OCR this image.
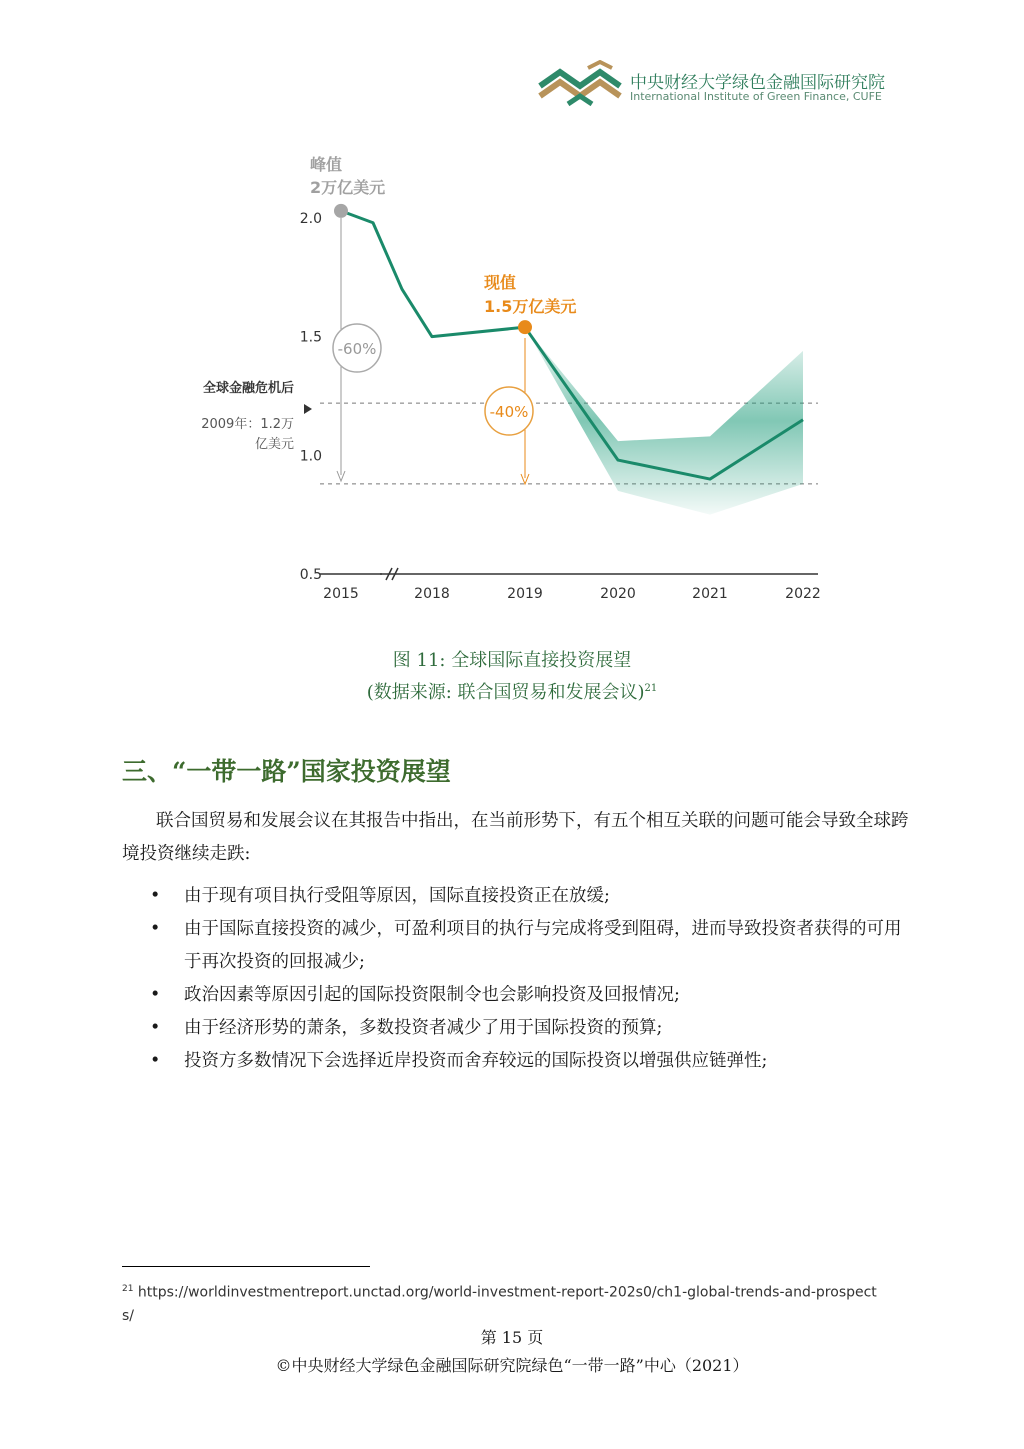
中央财经大学绿色金融国际研究院
International Institute of Green Finance, CUFE
2.0
1.5
1.0
0.5
2015	2018	2019	2020	2021	2022
峰值
2万亿美元
现值
1.5万亿美元
全球金融危机后
2009年：1.2万
亿美元
-60%
-40%
图 11: 全球国际直接投资展望
(数据来源: 联合国贸易和发展会议)$^{21}$
三、“一带一路”国家投资展望
联合国贸易和发展会议在其报告中指出，在当前形势下，有五个相互关联的问题可能会导致全球跨境投资继续走跌:
• 由于现有项目执行受阻等原因，国际直接投资正在放缓;
• 由于国际直接投资的减少，可盈利项目的执行与完成将受到阻碍，进而导致投资者获得的可用于再次投资的回报减少;
• 政治因素等原因引起的国际投资限制令也会影响投资及回报情况;
• 由于经济形势的萧条，多数投资者减少了用于国际投资的预算;
• 投资方多数情况下会选择近岸投资而舍弃较远的国际投资以增强供应链弹性;
$^{21}$ https://worldinvestmentreport.unctad.org/world-investment-report-202s0/ch1-global-trends-and-prospects/
第 15 页
©中央财经大学绿色金融国际研究院绿色“一带一路”中心（2021）
